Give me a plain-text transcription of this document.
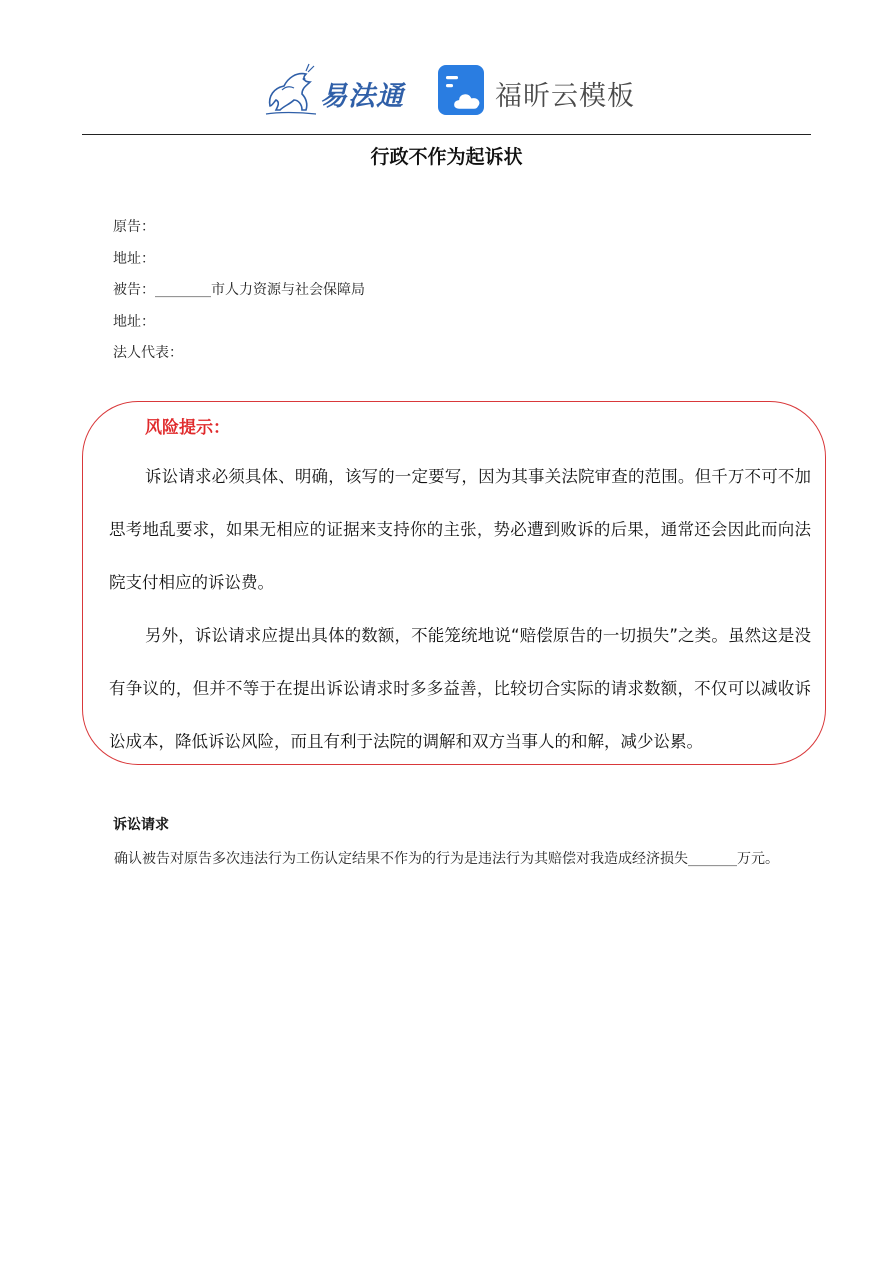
易法通	福昕云模板
行政不作为起诉状
原告：
地址：
被告：________市人力资源与社会保障局
地址：
法人代表：
风险提示：

诉讼请求必须具体、明确，该写的一定要写，因为其事关法院审查的范围。但千万不可不加思考地乱要求，如果无相应的证据来支持你的主张，势必遭到败诉的后果，通常还会因此而向法院支付相应的诉讼费。

另外，诉讼请求应提出具体的数额，不能笼统地说“赔偿原告的一切损失”之类。虽然这是没有争议的，但并不等于在提出诉讼请求时多多益善，比较切合实际的请求数额，不仅可以减收诉讼成本，降低诉讼风险，而且有利于法院的调解和双方当事人的和解，减少讼累。

诉讼请求
确认被告对原告多次违法行为工伤认定结果不作为的行为是违法行为其赔偿对我造成经济损失_______万元。
